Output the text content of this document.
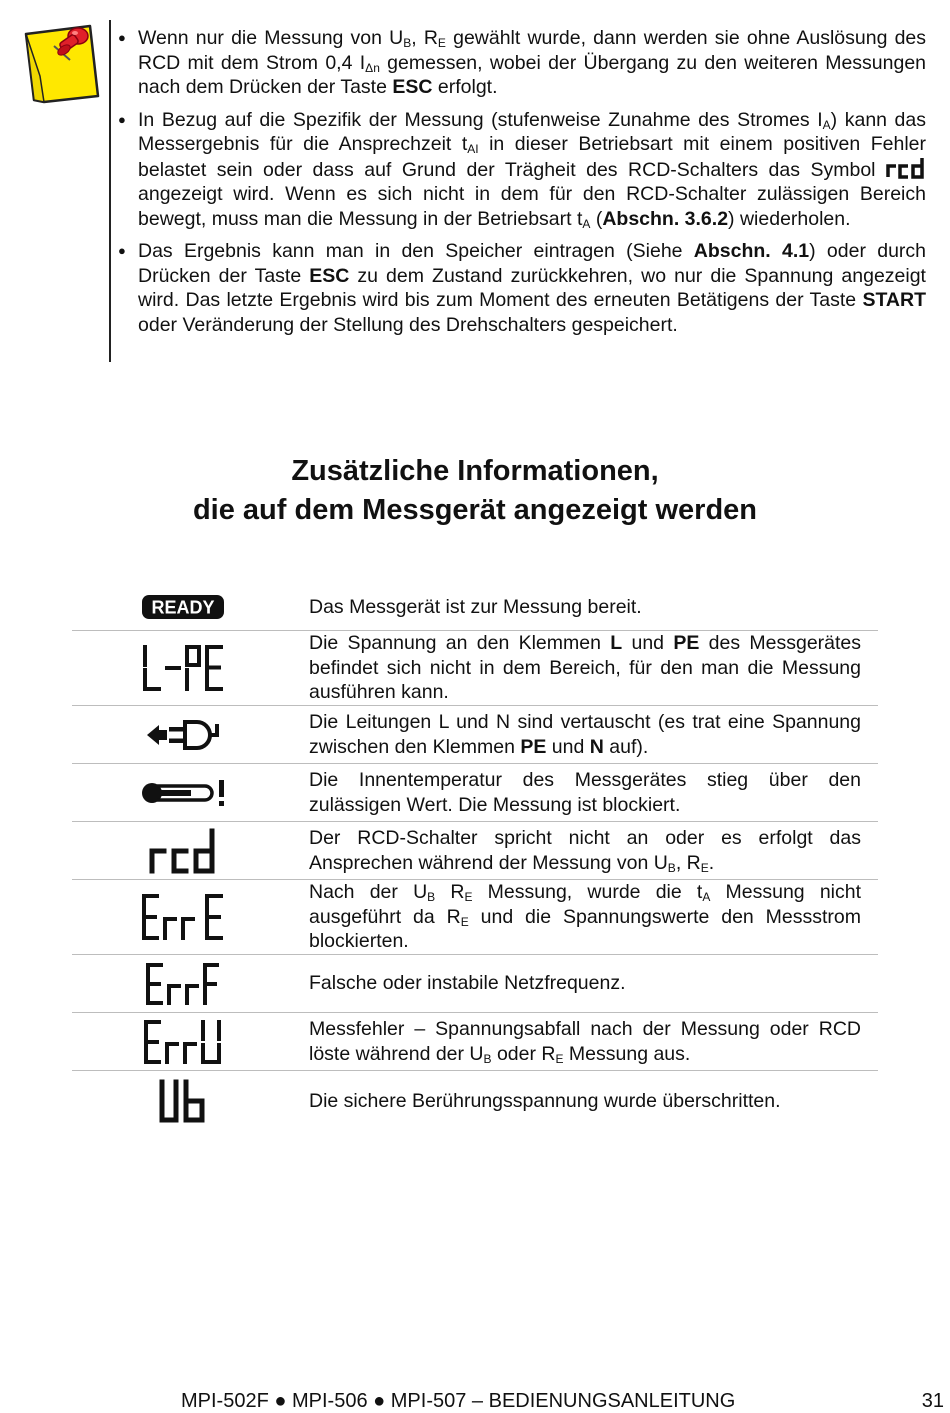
● Wenn nur die Messung von $U_B$, $R_E$ gewählt wurde, dann werden sie ohne Auslösung des RCD mit dem Strom 0,4 $I_{\Delta n}$ gemessen, wobei der Übergang zu den weiteren Messungen nach dem Drücken der Taste ESC erfolgt.
● In Bezug auf die Spezifik der Messung (stufenweise Zunahme des Stromes $I_A$) kann das Messergebnis für die Ansprechzeit $t_{AI}$ in dieser Betriebsart mit einem positiven Fehler belastet sein oder dass auf Grund der Trägheit des RCD-Schalters das Symbol  angezeigt wird. Wenn es sich nicht in dem für den RCD-Schalter zulässigen Bereich bewegt, muss man die Messung in der Betriebsart $t_A$ (Abschn. 3.6.2) wiederholen.
● Das Ergebnis kann man in den Speicher eintragen (Siehe Abschn. 4.1) oder durch Drücken der Taste ESC zu dem Zustand zurückkehren, wo nur die Spannung angezeigt wird. Das letzte Ergebnis wird bis zum Moment des erneuten Betätigens der Taste START oder Veränderung der Stellung des Drehschalters gespeichert.
Zusätzliche Informationen,
die auf dem Messgerät angezeigt werden
READY	Das Messgerät ist zur Messung bereit.
Die Spannung an den Klemmen L und PE des Messgerätes befindet sich nicht in dem Bereich, für den man die Messung ausführen kann.
Die Leitungen L und N sind vertauscht (es trat eine Spannung zwischen den Klemmen PE und N auf).
Die Innentemperatur des Messgerätes stieg über den zulässigen Wert. Die Messung ist blockiert.
Der RCD-Schalter spricht nicht an oder es erfolgt das Ansprechen während der Messung von $U_B$, $R_E$.
Nach der $U_B$ $R_E$ Messung, wurde die $t_A$ Messung nicht ausgeführt da $R_E$ und die Spannungswerte den Messstrom blockierten.
Falsche oder instabile Netzfrequenz.
Messfehler – Spannungsabfall nach der Messung oder RCD löste während der $U_B$ oder $R_E$ Messung aus.
Die sichere Berührungsspannung wurde überschritten.
MPI-502F ● MPI-506 ● MPI-507 – BEDIENUNGSANLEITUNG	31
